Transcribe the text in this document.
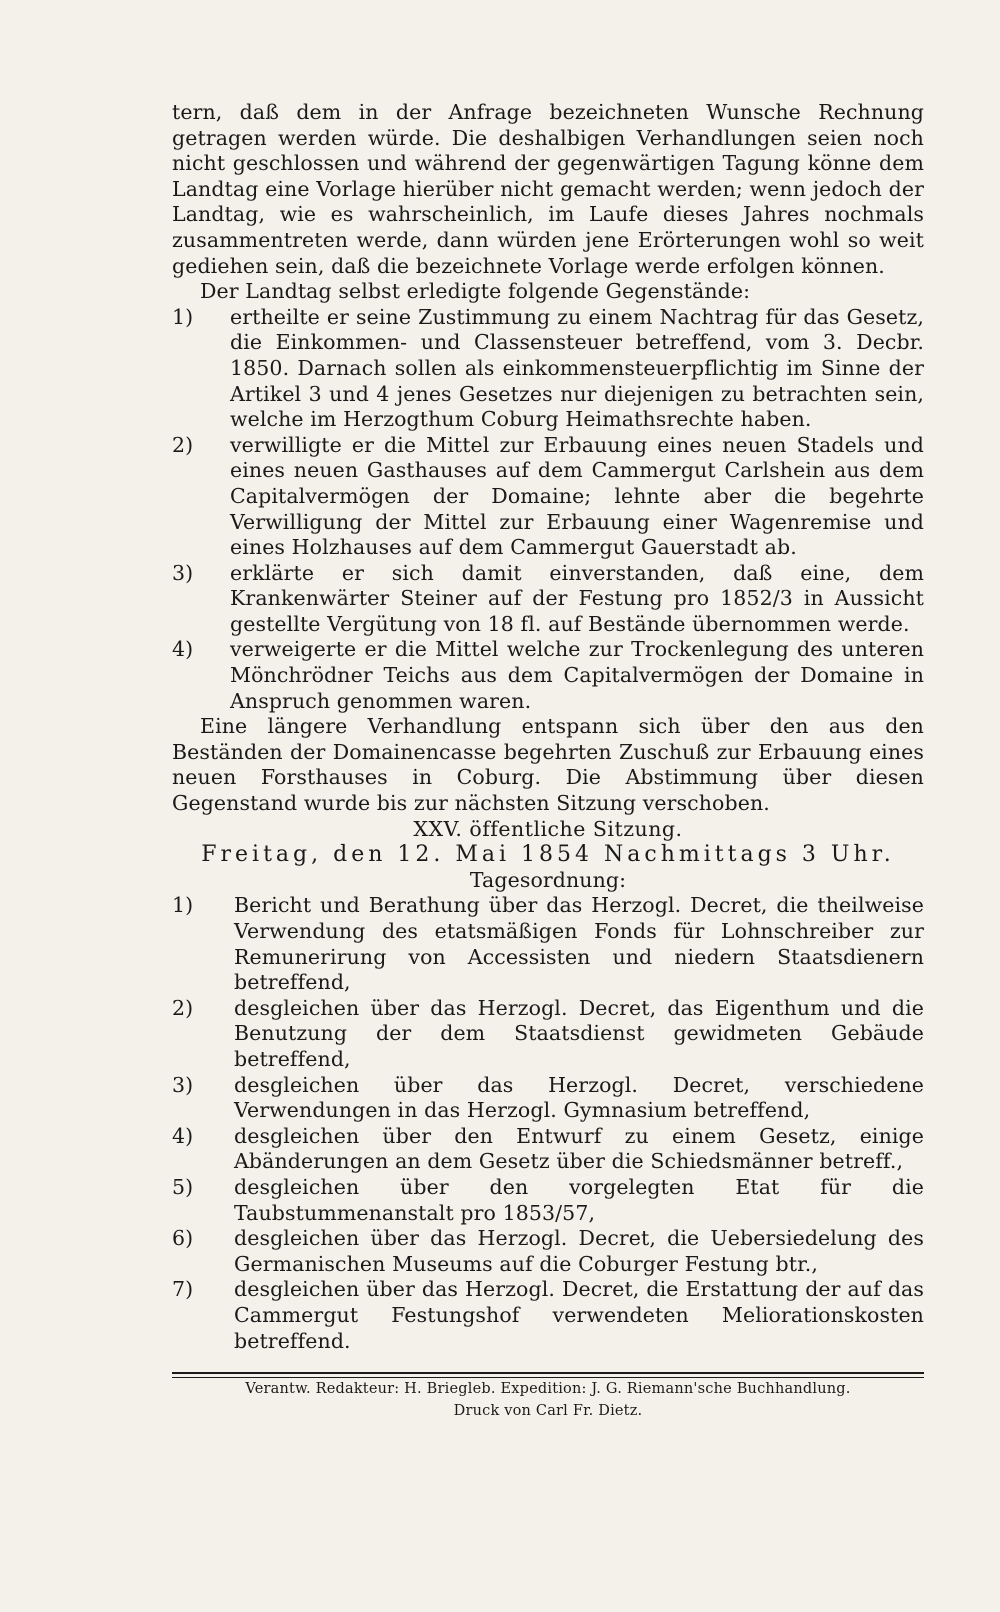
tern, daß dem in der Anfrage bezeichneten Wunsche Rechnung getragen werden würde. Die deshalbigen Verhandlungen seien noch nicht geschlossen und während der gegenwärtigen Tagung könne dem Landtag eine Vorlage hierüber nicht gemacht werden; wenn jedoch der Landtag, wie es wahrscheinlich, im Laufe dieses Jahres nochmals zusammentreten werde, dann würden jene Erörterungen wohl so weit gediehen sein, daß die bezeichnete Vorlage werde erfolgen können.

Der Landtag selbst erledigte folgende Gegenstände:

1) ertheilte er seine Zustimmung zu einem Nachtrag für das Gesetz, die Einkommen- und Classensteuer betreffend, vom 3. Decbr. 1850. Darnach sollen als einkommensteuerpflichtig im Sinne der Artikel 3 und 4 jenes Gesetzes nur diejenigen zu betrachten sein, welche im Herzogthum Coburg Heimathsrechte haben.

2) verwilligte er die Mittel zur Erbauung eines neuen Stadels und eines neuen Gasthauses auf dem Cammergut Carlshein aus dem Capitalvermögen der Domaine; lehnte aber die begehrte Verwilligung der Mittel zur Erbauung einer Wagenremise und eines Holzhauses auf dem Cammergut Gauerstadt ab.

3) erklärte er sich damit einverstanden, daß eine, dem Krankenwärter Steiner auf der Festung pro 1852/3 in Aussicht gestellte Vergütung von 18 fl. auf Bestände übernommen werde.

4) verweigerte er die Mittel welche zur Trockenlegung des unteren Mönchrödner Teichs aus dem Capitalvermögen der Domaine in Anspruch genommen waren.

Eine längere Verhandlung entspann sich über den aus den Beständen der Domainencasse begehrten Zuschuß zur Erbauung eines neuen Forsthauses in Coburg. Die Abstimmung über diesen Gegenstand wurde bis zur nächsten Sitzung verschoben.

XXV. öffentliche Sitzung.

Freitag, den 12. Mai 1854 Nachmittags 3 Uhr.

Tagesordnung:

1) Bericht und Berathung über das Herzogl. Decret, die theilweise Verwendung des etatsmäßigen Fonds für Lohnschreiber zur Remunerirung von Accessisten und niedern Staatsdienern betreffend,

2) desgleichen über das Herzogl. Decret, das Eigenthum und die Benutzung der dem Staatsdienst gewidmeten Gebäude betreffend,

3) desgleichen über das Herzogl. Decret, verschiedene Verwendungen in das Herzogl. Gymnasium betreffend,

4) desgleichen über den Entwurf zu einem Gesetz, einige Abänderungen an dem Gesetz über die Schiedsmänner betreff.,

5) desgleichen über den vorgelegten Etat für die Taubstummenanstalt pro 1853/57,

6) desgleichen über das Herzogl. Decret, die Uebersiedelung des Germanischen Museums auf die Coburger Festung btr.,

7) desgleichen über das Herzogl. Decret, die Erstattung der auf das Cammergut Festungshof verwendeten Meliorationskosten betreffend.

Verantw. Redakteur: H. Briegleb. Expedition: J. G. Riemann'sche Buchhandlung.
Druck von Carl Fr. Dietz.
